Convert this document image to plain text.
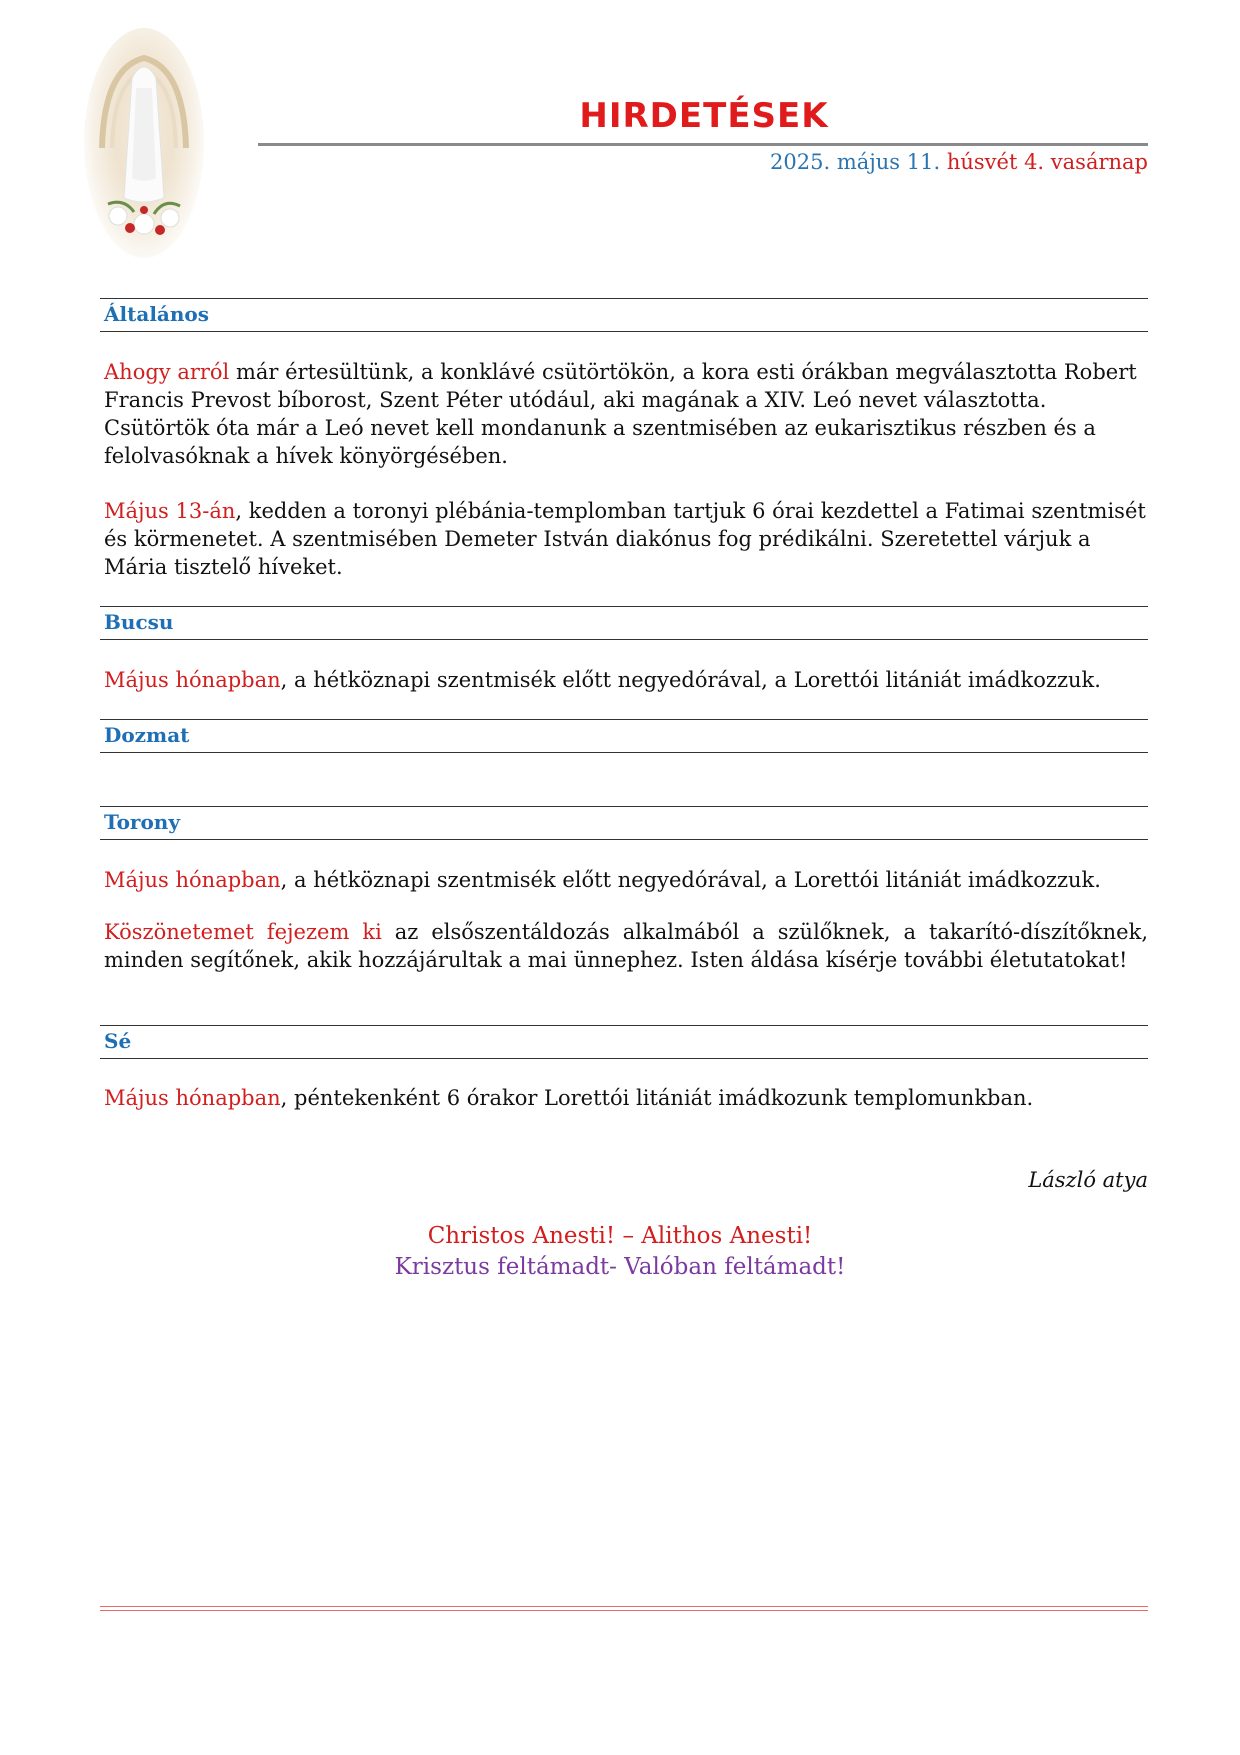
HIRDETÉSEK
2025. május 11. húsvét 4. vasárnap
Általános
Ahogy arról már értesültünk, a konklávé csütörtökön, a kora esti órákban megválasztotta Robert Francis Prevost bíborost, Szent Péter utódául, aki magának a XIV. Leó nevet választotta. Csütörtök óta már a Leó nevet kell mondanunk a szentmisében az eukarisztikus részben és a felolvasóknak a hívek könyörgésében.
Május 13-án, kedden a toronyi plébánia-templomban tartjuk 6 órai kezdettel a Fatimai szentmisét és körmenetet. A szentmisében Demeter István diakónus fog prédikálni. Szeretettel várjuk a Mária tisztelő híveket.
Bucsu
Május hónapban, a hétköznapi szentmisék előtt negyedórával, a Lorettói litániát imádkozzuk.
Dozmat
Torony
Május hónapban, a hétköznapi szentmisék előtt negyedórával, a Lorettói litániát imádkozzuk.
Köszönetemet fejezem ki az elsőszentáldozás alkalmából a szülőknek, a takarító-díszítőknek, minden segítőnek, akik hozzájárultak a mai ünnephez. Isten áldása kísérje további életutatokat!
Sé
Május hónapban, péntekenként 6 órakor Lorettói litániát imádkozunk templomunkban.
László atya
Christos Anesti! – Alithos Anesti!
Krisztus feltámadt- Valóban feltámadt!
